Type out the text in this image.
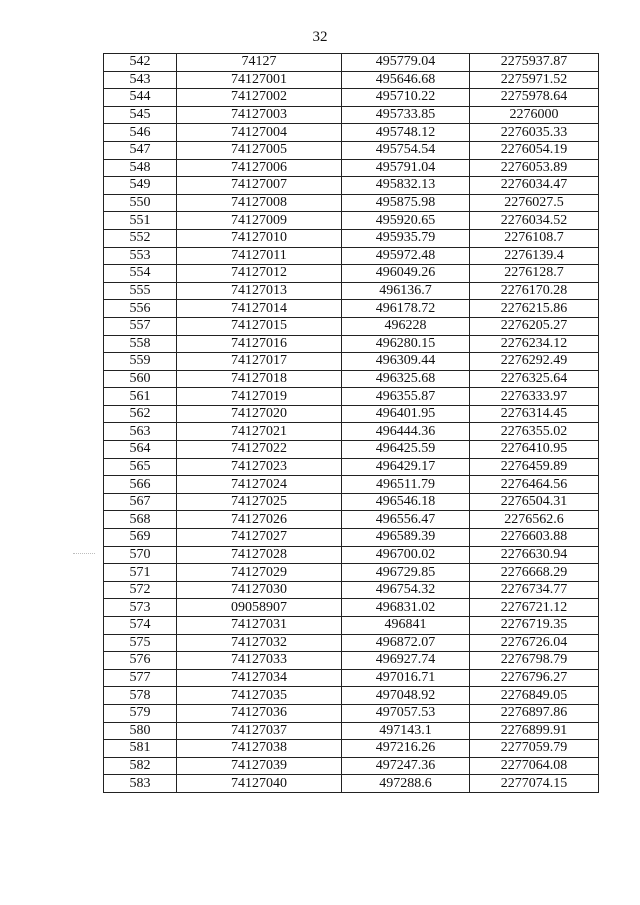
32
542	74127	495779.04	2275937.87
543	74127001	495646.68	2275971.52
544	74127002	495710.22	2275978.64
545	74127003	495733.85	2276000
546	74127004	495748.12	2276035.33
547	74127005	495754.54	2276054.19
548	74127006	495791.04	2276053.89
549	74127007	495832.13	2276034.47
550	74127008	495875.98	2276027.5
551	74127009	495920.65	2276034.52
552	74127010	495935.79	2276108.7
553	74127011	495972.48	2276139.4
554	74127012	496049.26	2276128.7
555	74127013	496136.7	2276170.28
556	74127014	496178.72	2276215.86
557	74127015	496228	2276205.27
558	74127016	496280.15	2276234.12
559	74127017	496309.44	2276292.49
560	74127018	496325.68	2276325.64
561	74127019	496355.87	2276333.97
562	74127020	496401.95	2276314.45
563	74127021	496444.36	2276355.02
564	74127022	496425.59	2276410.95
565	74127023	496429.17	2276459.89
566	74127024	496511.79	2276464.56
567	74127025	496546.18	2276504.31
568	74127026	496556.47	2276562.6
569	74127027	496589.39	2276603.88
570	74127028	496700.02	2276630.94
571	74127029	496729.85	2276668.29
572	74127030	496754.32	2276734.77
573	09058907	496831.02	2276721.12
574	74127031	496841	2276719.35
575	74127032	496872.07	2276726.04
576	74127033	496927.74	2276798.79
577	74127034	497016.71	2276796.27
578	74127035	497048.92	2276849.05
579	74127036	497057.53	2276897.86
580	74127037	497143.1	2276899.91
581	74127038	497216.26	2277059.79
582	74127039	497247.36	2277064.08
583	74127040	497288.6	2277074.15
